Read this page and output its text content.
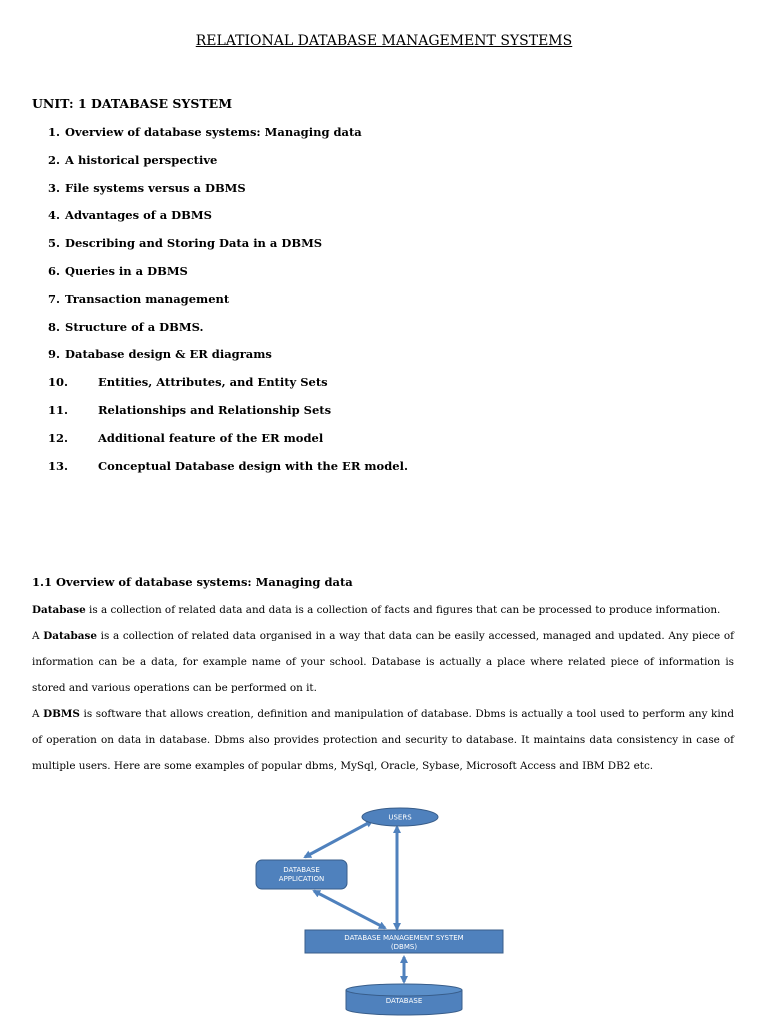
RELATIONAL DATABASE MANAGEMENT SYSTEMS
UNIT: 1 DATABASE SYSTEM
1. Overview of database systems: Managing data
2. A historical perspective
3. File systems versus a DBMS
4. Advantages of a DBMS
5. Describing and Storing Data in a DBMS
6. Queries in a DBMS
7. Transaction management
8. Structure of a DBMS.
9. Database design & ER diagrams
10.	Entities, Attributes, and Entity Sets
11.	Relationships and Relationship Sets
12.	Additional feature of the ER model
13.	Conceptual Database design with the ER model.
1.1 Overview of database systems: Managing data

Database is a collection of related data and data is a collection of facts and figures that can be processed to produce information.

A Database is a collection of related data organised in a way that data can be easily accessed, managed and updated. Any piece of information can be a data, for example name of your school. Database is actually a place where related piece of information is stored and various operations can be performed on it.

A DBMS is software that allows creation, definition and manipulation of database. Dbms is actually a tool used to perform any kind of operation on data in database. Dbms also provides protection and security to database. It maintains data consistency in case of multiple users. Here are some examples of popular dbms, MySql, Oracle, Sybase, Microsoft Access and IBM DB2 etc.

USERS
DATABASE
APPLICATION
DATABASE MANAGEMENT SYSTEM
(DBMS)
DATABASE
